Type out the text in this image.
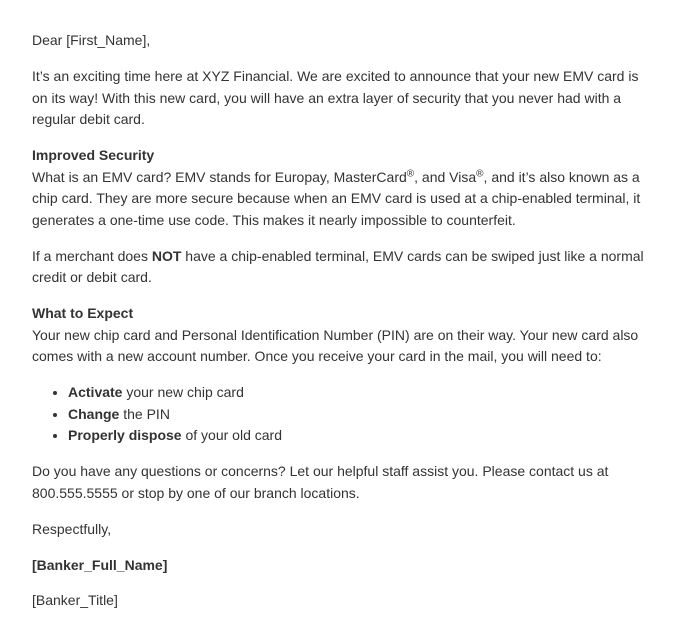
Dear [First_Name],

It’s an exciting time here at XYZ Financial. We are excited to announce that your new EMV card is on its way! With this new card, you will have an extra layer of security that you never had with a regular debit card.

Improved Security

What is an EMV card? EMV stands for Europay, MasterCard®, and Visa®, and it’s also known as a chip card. They are more secure because when an EMV card is used at a chip-enabled terminal, it generates a one-time use code. This makes it nearly impossible to counterfeit.

If a merchant does NOT have a chip-enabled terminal, EMV cards can be swiped just like a normal credit or debit card.

What to Expect

Your new chip card and Personal Identification Number (PIN) are on their way. Your new card also comes with a new account number. Once you receive your card in the mail, you will need to:

• Activate your new chip card
• Change the PIN
• Properly dispose of your old card

Do you have any questions or concerns? Let our helpful staff assist you. Please contact us at 800.555.5555 or stop by one of our branch locations.

Respectfully,

[Banker_Full_Name]

[Banker_Title]
